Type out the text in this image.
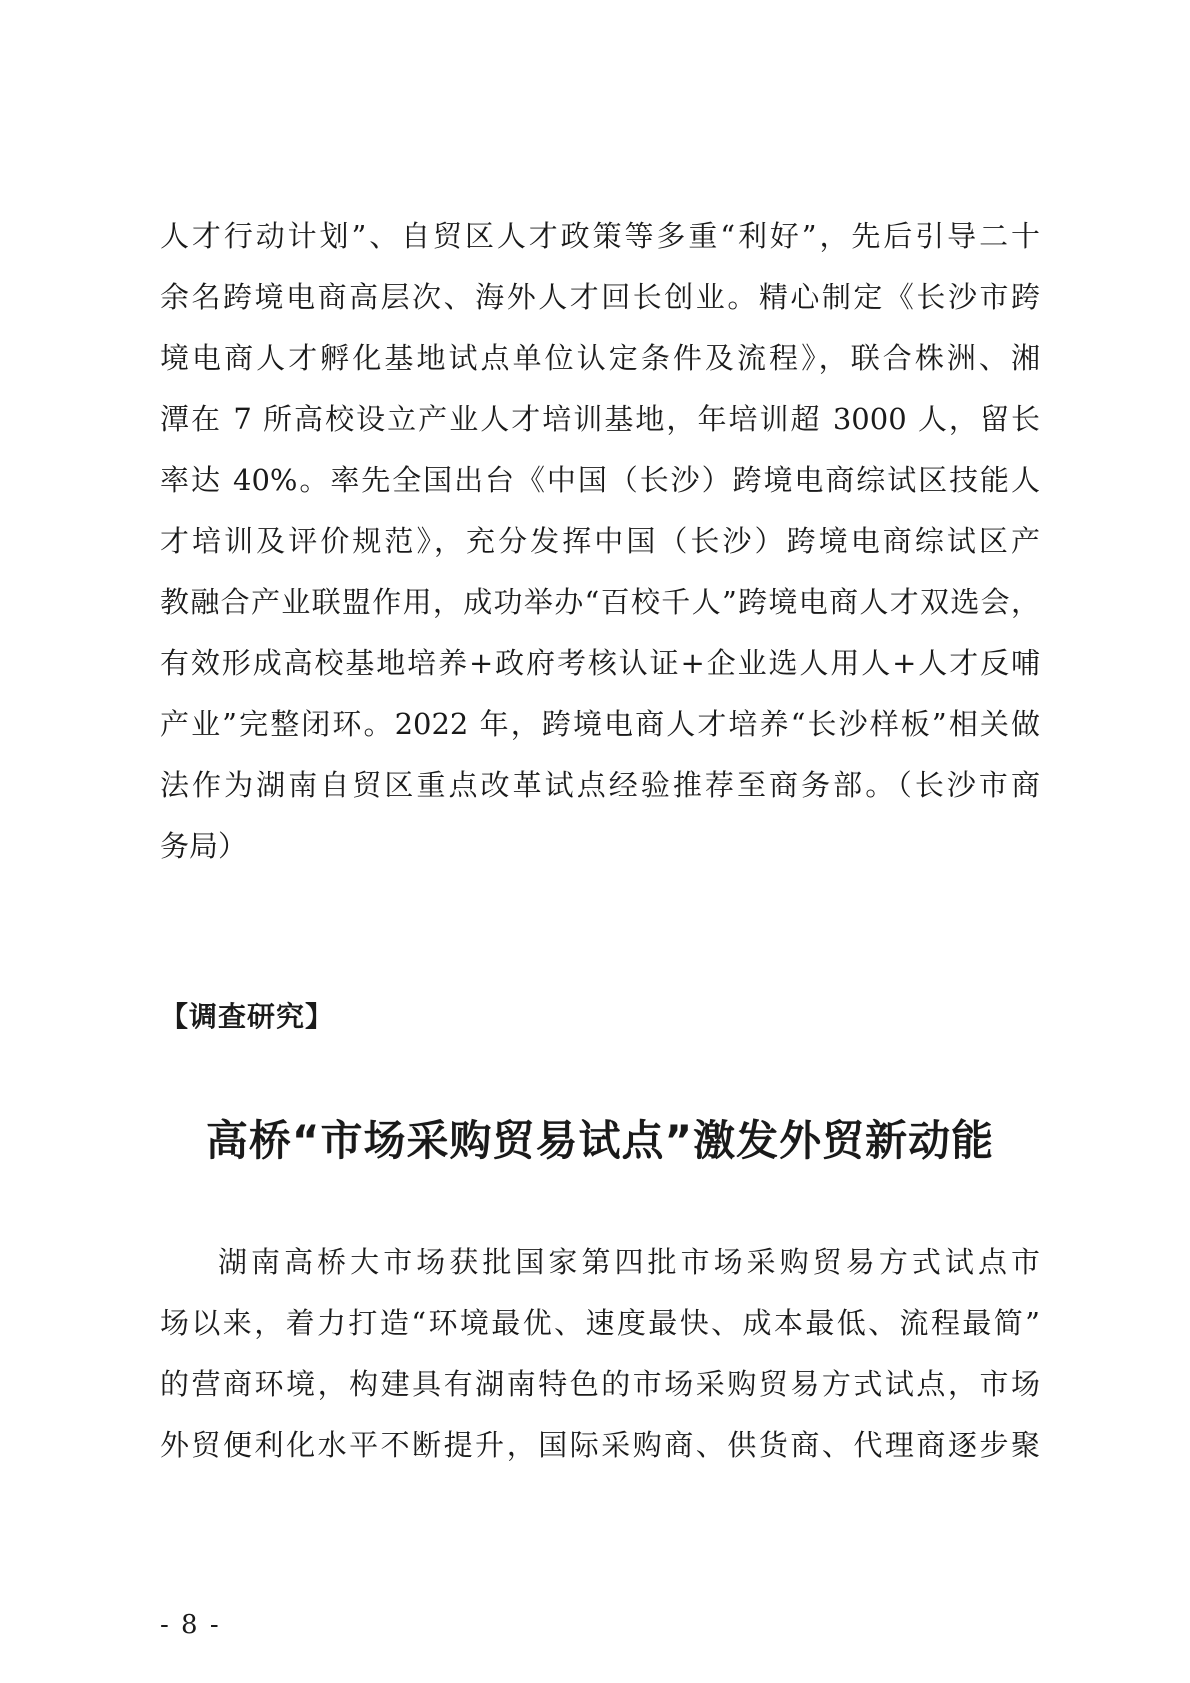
人才行动计划”、自贸区人才政策等多重“利好”，先后引导二十
余名跨境电商高层次、海外人才回长创业。精心制定《长沙市跨
境电商人才孵化基地试点单位认定条件及流程》，联合株洲、湘
潭在 7 所高校设立产业人才培训基地，年培训超 3000 人，留长
率达 40%。率先全国出台《中国（长沙）跨境电商综试区技能人
才培训及评价规范》，充分发挥中国（长沙）跨境电商综试区产
教融合产业联盟作用，成功举办“百校千人”跨境电商人才双选会，
有效形成高校基地培养+政府考核认证+企业选人用人+人才反哺
产业”完整闭环。2022 年，跨境电商人才培养“长沙样板”相关做
法作为湖南自贸区重点改革试点经验推荐至商务部。（长沙市商
务局）
【调查研究】
高桥“市场采购贸易试点”激发外贸新动能
湖南高桥大市场获批国家第四批市场采购贸易方式试点市
场以来，着力打造“环境最优、速度最快、成本最低、流程最简”
的营商环境，构建具有湖南特色的市场采购贸易方式试点，市场
外贸便利化水平不断提升，国际采购商、供货商、代理商逐步聚
- 8 -
